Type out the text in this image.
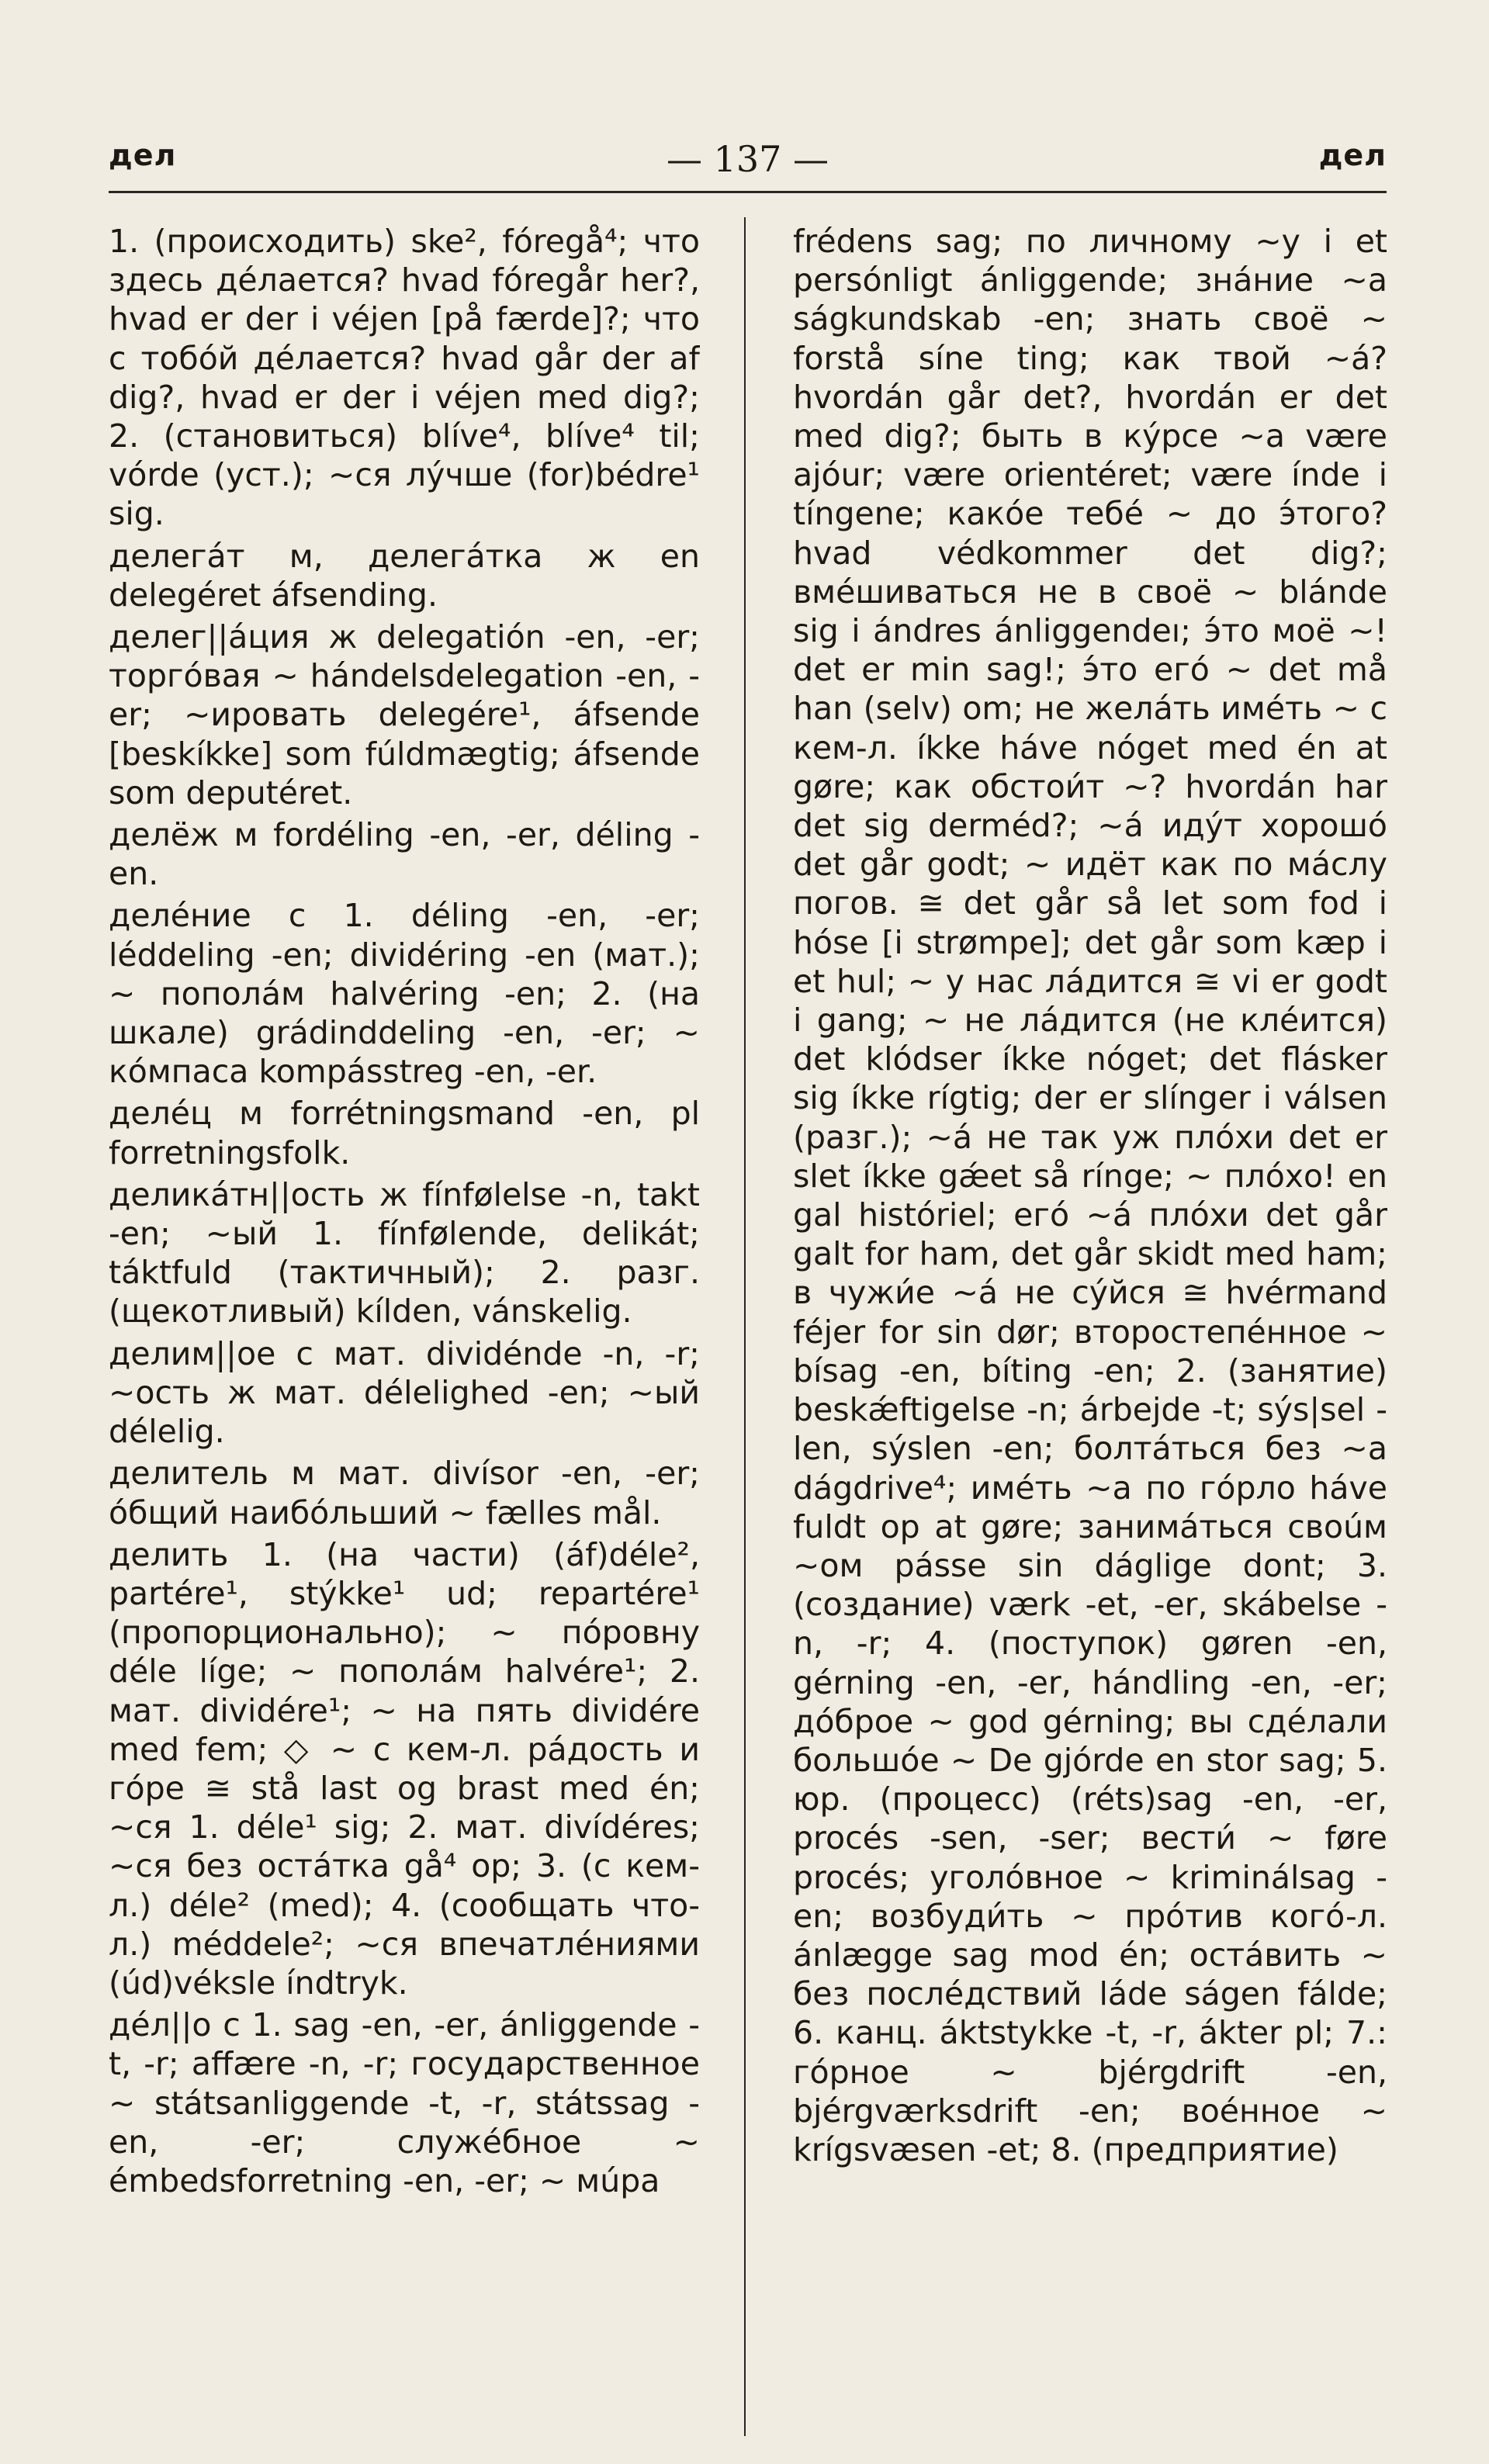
дел	— 137 —	дел

1. (происходить) ske², fóregå⁴; что здесь дéлается? hvad fóregår her?, hvad er der i véjen [på færde]?; что с тобóй дéлается? hvad går der af dig?, hvad er der i véjen med dig?; 2. (становиться) blíve⁴, blíve⁴ til; vórde (уст.); ~ся лýчше (for)bédre¹ sig.

делегáт м, делегáтка ж en delegéret áfsending.

делег||áция ж delegatión -en, -er; торгóвая ~ hándelsdelegation -en, -er; ~ировать delegére¹, áfsende [beskíkke] som fúldmægtig; áfsende som deputéret.

делёж м fordéling -en, -er, déling -en.

делéние с 1. déling -en, -er; léddeling -en; dividéring -en (мат.); ~ пополáм halvéring -en; 2. (на шкалe) grádinddeling -en, -er; ~ кóмпаса kompásstreg -en, -er.

делéц м forrétningsmand -en, pl forretningsfolk.

деликáтн||ость ж fínfølelse -n, takt -en; ~ый 1. fínfølende, delikát; táktfuld (тактичный); 2. разг. (щекотливый) kílden, vánskelig.

делим||ое с мат. dividénde -n, -r; ~ость ж мат. délelighed -en; ~ый délelig.

делитель м мат. divísor -en, -er; óбщий наибóльший ~ fælles mål.

делить 1. (на части) (áf)déle², partére¹, stýkke¹ ud; repartére¹ (пропорционально); ~ пóровну déle líge; ~ пополáм halvére¹; 2. мат. dividére¹; ~ на пять dividére med fem; ◇ ~ с кем-л. рáдость и гóре ≅ stå last og brast med én; ~ся 1. déle¹ sig; 2. мат. divídéres; ~ся без остáтка gå⁴ op; 3. (с кем-л.) déle² (med); 4. (сообщать что-л.) méddele²; ~ся впечатлéниями (úd)véksle índtryk.

дéл||о с 1. sag -en, -er, ánliggende -t, -r; affære -n, -r; государственное ~ státsanliggende -t, -r, státssag -en, -er; служéбное ~ émbedsforretning -en, -er; ~ мúра

frédens sag; по личному ~у i et persónligt ánliggende; знáние ~а ságkundskab -en; знать своё ~ forstå síne ting; как твой ~á? hvordán går det?, hvordán er det med dig?; быть в кýрсе ~а være ajóur; være orientéret; være índe i tíngene; какóе тебé ~ до э́того? hvad védkommer det dig?; вмéшиваться не в своё ~ blánde sig i ándres ánliggendeı; э́то моё ~! det er min sag!; э́то егó ~ det må han (selv) om; не желáть имéть ~ с кем-л. íkke háve nóget med én at gøre; как обстои́т ~? hvordán har det sig derméd?; ~á идýт хорошó det går godt; ~ идёт как по мáслу погов. ≅ det går så let som fod i hóse [i strømpe]; det går som kæp i et hul; ~ у нас лáдится ≅ vi er godt i gang; ~ не лáдится (не клéится) det klódser íkke nóget; det flásker sig íkke rígtig; der er slínger i válsen (разг.); ~á не так уж плóхи det er slet íkke gǽet så rínge; ~ плóхо! en gal históriel; егó ~á плóхи det går galt for ham, det går skidt med ham; в чужи́е ~á не сýйся ≅ hvérmand féjer for sin dør; второстепéнное ~ bísag -en, bíting -en; 2. (занятие) beskǽftigelse -n; árbejde -t; sýs|sel -len, sýslen -en; болтáться без ~а dágdrive⁴; имéть ~а по гóрло háve fuldt op at gøre; занимáться своúм ~ом pásse sin dáglige dont; 3. (создание) værk -et, -er, skábelse -n, -r; 4. (поступок) gøren -en, gérning -en, -er, hándling -en, -er; дóброе ~ god gérning; вы сдéлали большóе ~ De gjórde en stor sag; 5. юр. (процесс) (réts)sag -en, -er, procés -sen, -ser; вести́ ~ føre procés; уголóвное ~ kriminálsag -en; возбуди́ть ~ прóтив когó-л. ánlægge sag mod én; остáвить ~ без послéдствий láde ságen fálde; 6. канц. áktstykke -t, -r, ákter pl; 7.: гóрное ~ bjérgdrift -en, bjérgværksdrift -en; воéнное ~ krígsvæsen -et; 8. (предприятие)
